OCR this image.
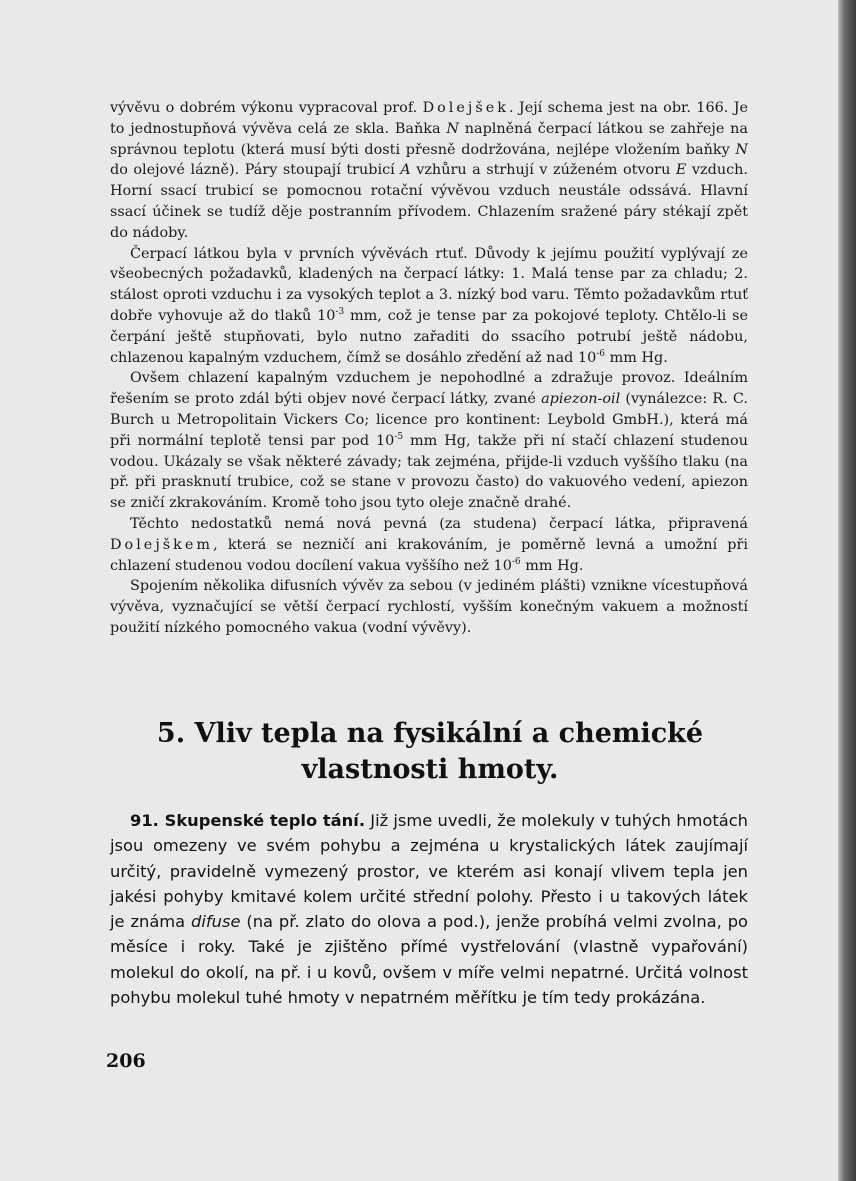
vývěvu o dobrém výkonu vypracoval prof. Dolejšek. Její schema jest na obr. 166. Je to jednostupňová vývěva celá ze skla. Baňka N naplněná čerpací látkou se zahřeje na správnou teplotu (která musí býti dosti přesně dodržována, nejlépe vložením baňky N do olejové lázně). Páry stoupají trubicí A vzhůru a strhují v zúženém otvoru E vzduch. Horní ssací trubicí se pomocnou rotační vývěvou vzduch neustále odssává. Hlavní ssací účinek se tudíž děje postranním přívodem. Chlazením sražené páry stékají zpět do nádoby.

Čerpací látkou byla v prvních vývěvách rtuť. Důvody k jejímu použití vyplývají ze všeobecných požadavků, kladených na čerpací látky: 1. Malá tense par za chladu; 2. stálost oproti vzduchu i za vysokých teplot a 3. nízký bod varu. Těmto požadavkům rtuť dobře vyhovuje až do tlaků $10^{-3}$ mm, což je tense par za pokojové teploty. Chtělo-li se čerpání ještě stupňovati, bylo nutno zařaditi do ssacího potrubí ještě nádobu, chlazenou kapalným vzduchem, čímž se dosáhlo zředění až nad $10^{-6}$ mm Hg.

Ovšem chlazení kapalným vzduchem je nepohodlné a zdražuje provoz. Ideálním řešením se proto zdál býti objev nové čerpací látky, zvané apiezon-oil (vynálezce: R. C. Burch u Metropolitain Vickers Co; licence pro kontinent: Leybold GmbH.), která má při normální teplotě tensi par pod $10^{-5}$ mm Hg, takže při ní stačí chlazení studenou vodou. Ukázaly se však některé závady; tak zejména, přijde-li vzduch vyššího tlaku (na př. při prasknutí trubice, což se stane v provozu často) do vakuového vedení, apiezon se zničí zkrakováním. Kromě toho jsou tyto oleje značně drahé.

Těchto nedostatků nemá nová pevná (za studena) čerpací látka, připravená Dolejškem, která se nezničí ani krakováním, je poměrně levná a umožní při chlazení studenou vodou docílení vakua vyššího než $10^{-6}$ mm Hg.

Spojením několika difusních vývěv za sebou (v jediném plášti) vznikne vícestupňová vývěva, vyznačující se větší čerpací rychlostí, vyšším konečným vakuem a možností použití nízkého pomocného vakua (vodní vývěvy).

5. Vliv tepla na fysikální a chemické vlastnosti hmoty.

91. Skupenské teplo tání. Již jsme uvedli, že molekuly v tuhých hmotách jsou omezeny ve svém pohybu a zejména u krystalických látek zaujímají určitý, pravidelně vymezený prostor, ve kterém asi konají vlivem tepla jen jakési pohyby kmitavé kolem určité střední polohy. Přesto i u takových látek je známa difuse (na př. zlato do olova a pod.), jenže probíhá velmi zvolna, po měsíce i roky. Také je zjištěno přímé vystřelování (vlastně vypařování) molekul do okolí, na př. i u kovů, ovšem v míře velmi nepatrné. Určitá volnost pohybu molekul tuhé hmoty v nepatrném měřítku je tím tedy prokázána.

206
